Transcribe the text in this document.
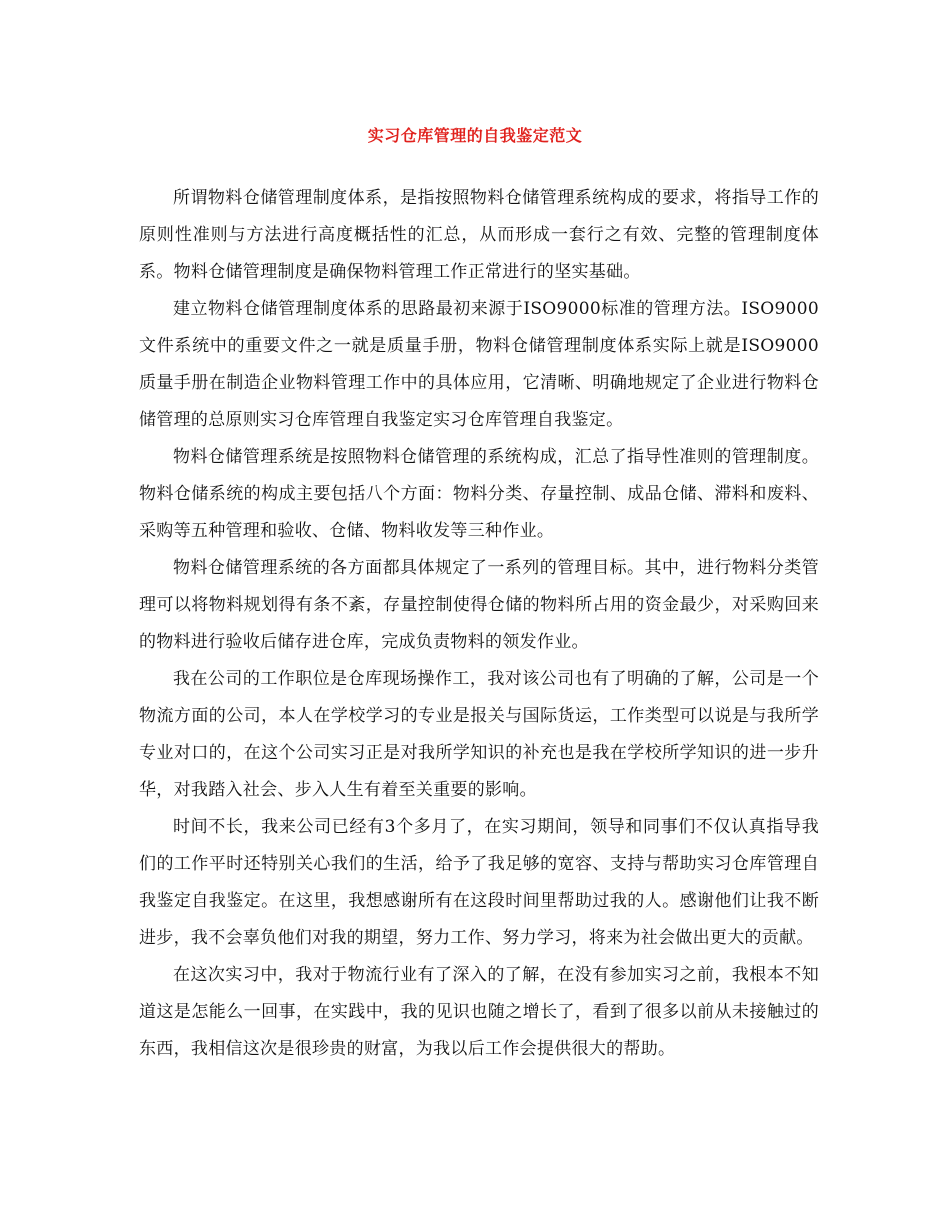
实习仓库管理的自我鉴定范文

所谓物料仓储管理制度体系，是指按照物料仓储管理系统构成的要求，将指导工作的原则性准则与方法进行高度概括性的汇总，从而形成一套行之有效、完整的管理制度体系。物料仓储管理制度是确保物料管理工作正常进行的坚实基础。

建立物料仓储管理制度体系的思路最初来源于ISO9000标准的管理方法。ISO9000文件系统中的重要文件之一就是质量手册，物料仓储管理制度体系实际上就是ISO9000质量手册在制造企业物料管理工作中的具体应用，它清晰、明确地规定了企业进行物料仓储管理的总原则实习仓库管理自我鉴定实习仓库管理自我鉴定。

物料仓储管理系统是按照物料仓储管理的系统构成，汇总了指导性准则的管理制度。物料仓储系统的构成主要包括八个方面：物料分类、存量控制、成品仓储、滞料和废料、采购等五种管理和验收、仓储、物料收发等三种作业。

物料仓储管理系统的各方面都具体规定了一系列的管理目标。其中，进行物料分类管理可以将物料规划得有条不紊，存量控制使得仓储的物料所占用的资金最少，对采购回来的物料进行验收后储存进仓库，完成负责物料的领发作业。

我在公司的工作职位是仓库现场操作工，我对该公司也有了明确的了解，公司是一个物流方面的公司，本人在学校学习的专业是报关与国际货运，工作类型可以说是与我所学专业对口的，在这个公司实习正是对我所学知识的补充也是我在学校所学知识的进一步升华，对我踏入社会、步入人生有着至关重要的影响。

时间不长，我来公司已经有3个多月了，在实习期间，领导和同事们不仅认真指导我们的工作平时还特别关心我们的生活，给予了我足够的宽容、支持与帮助实习仓库管理自我鉴定自我鉴定。在这里，我想感谢所有在这段时间里帮助过我的人。感谢他们让我不断进步，我不会辜负他们对我的期望，努力工作、努力学习，将来为社会做出更大的贡献。

在这次实习中，我对于物流行业有了深入的了解，在没有参加实习之前，我根本不知道这是怎能么一回事，在实践中，我的见识也随之增长了，看到了很多以前从未接触过的东西，我相信这次是很珍贵的财富，为我以后工作会提供很大的帮助。
